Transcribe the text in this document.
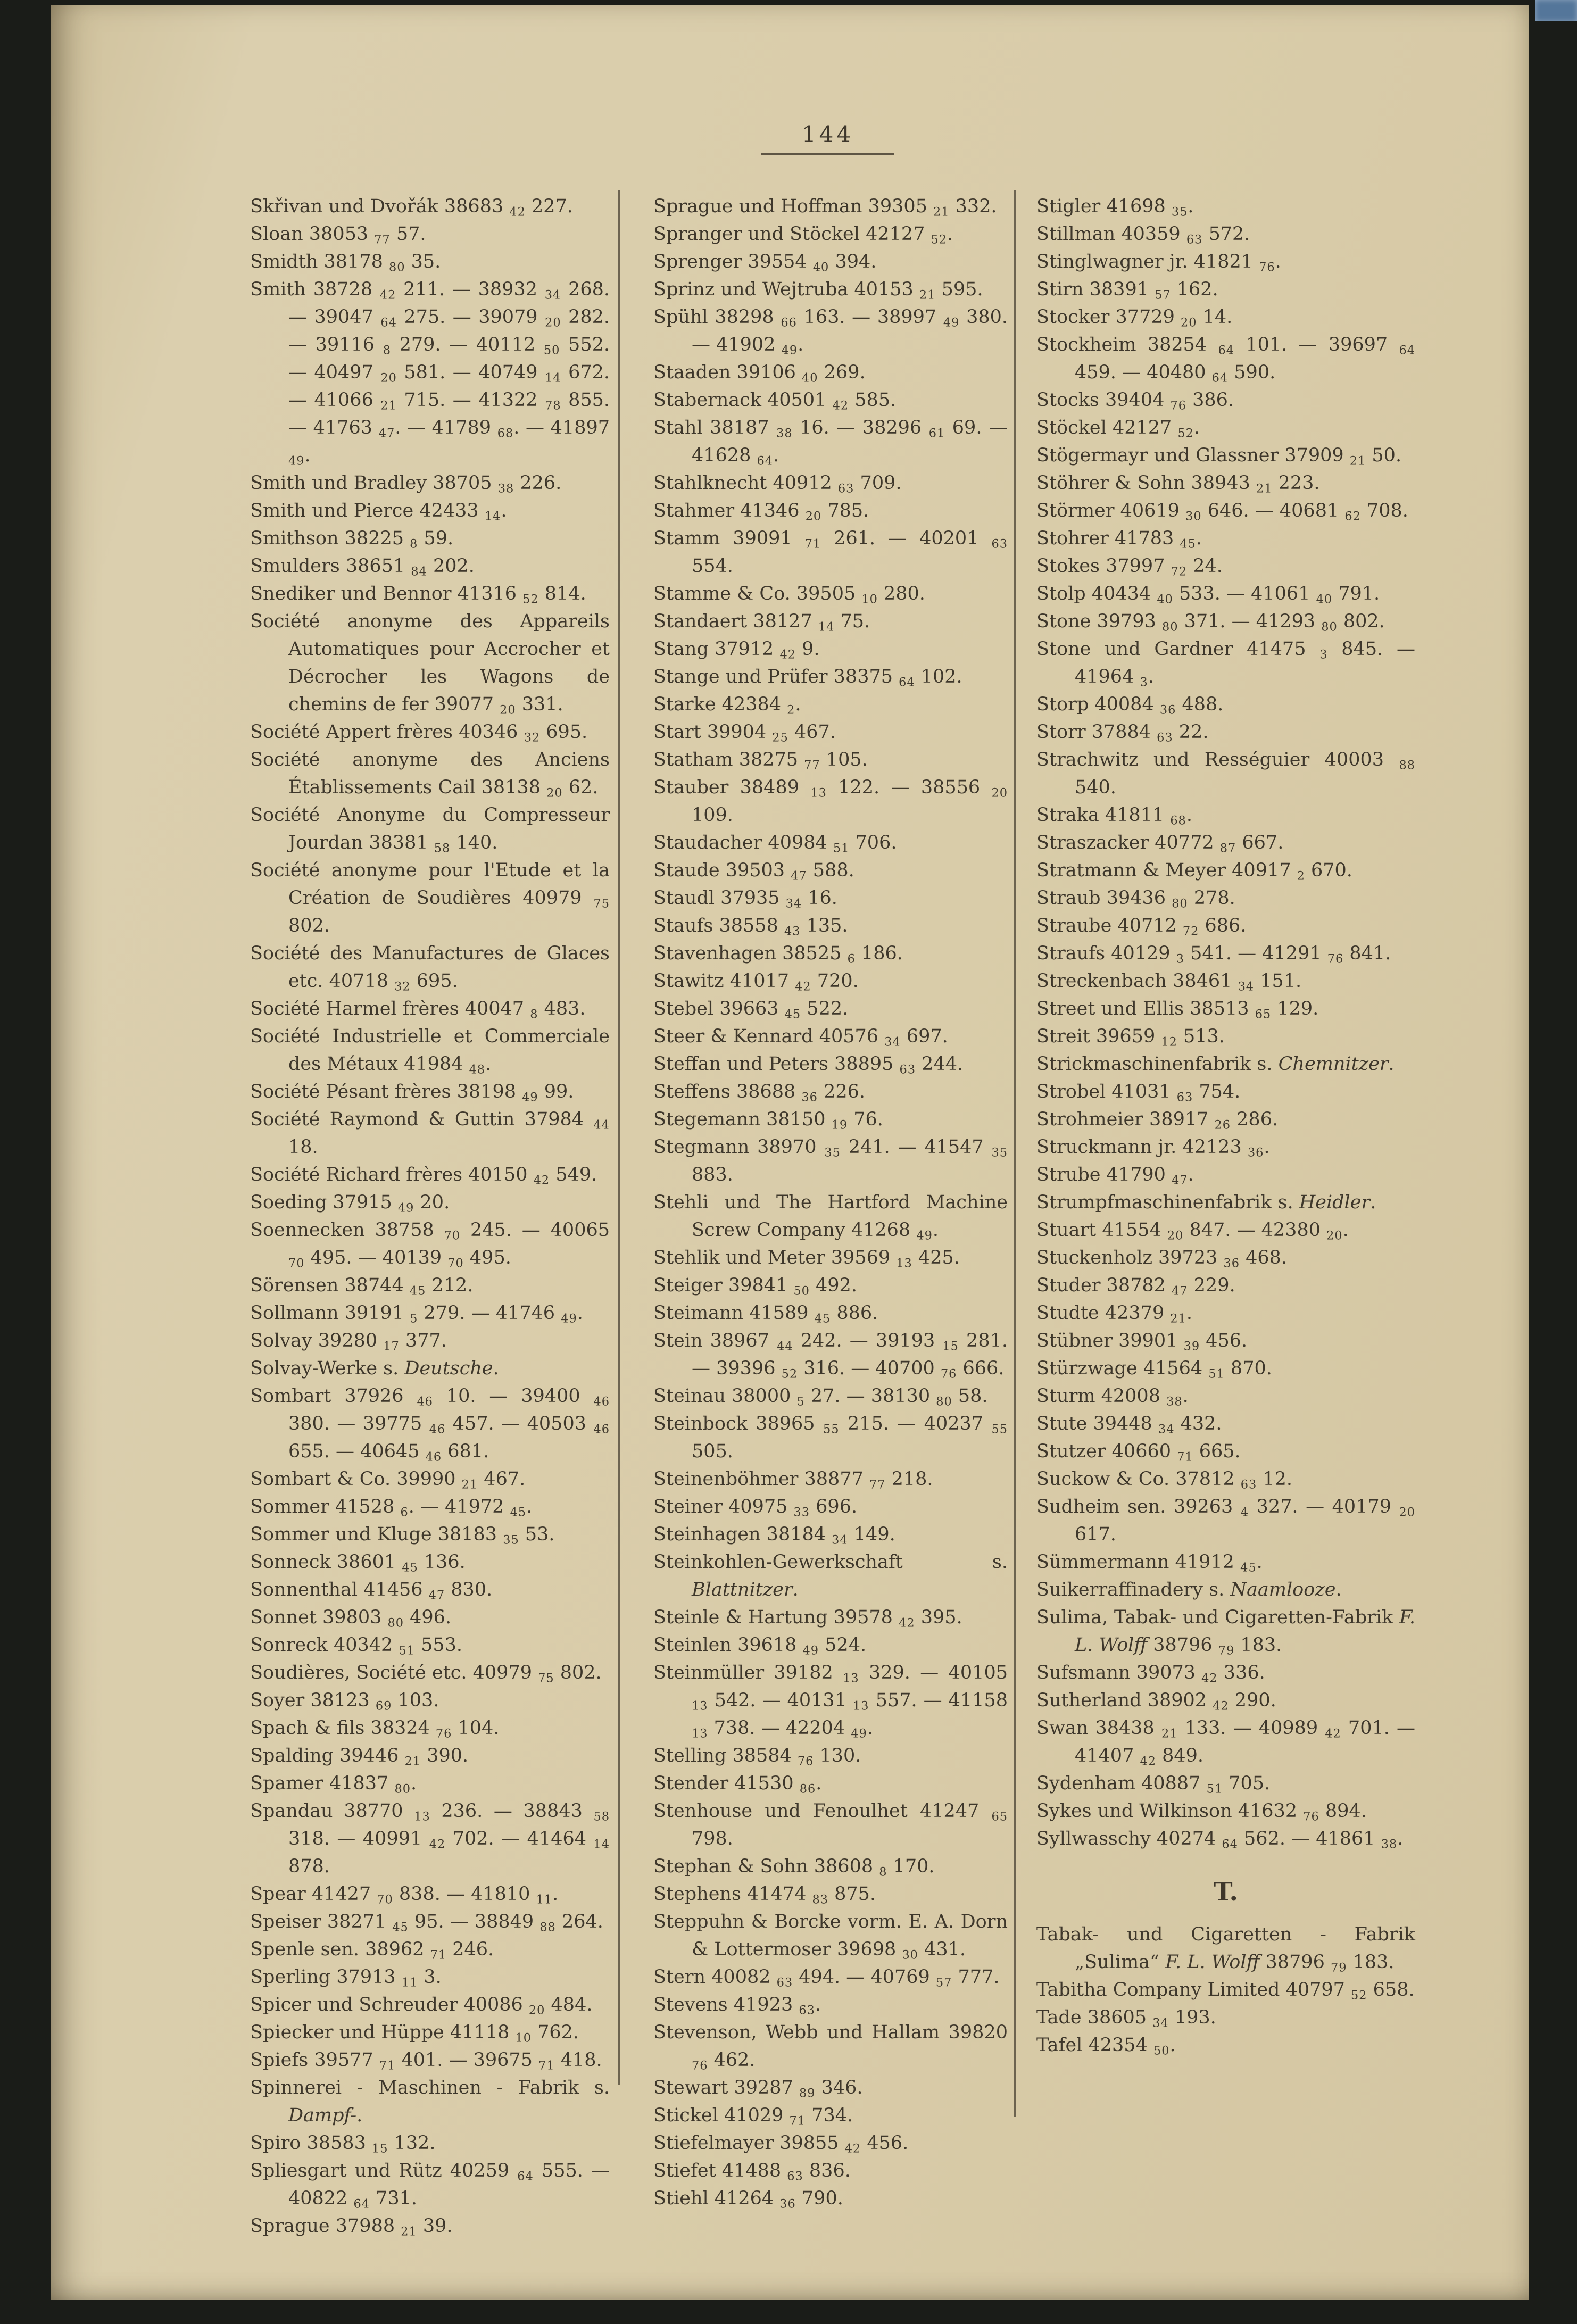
144

Skřivan und Dvořák 38683 $_{42}$ 227.

Sloan 38053 $_{77}$ 57.

Smidth 38178 $_{80}$ 35.

Smith 38728 $_{42}$ 211. — 38932 $_{34}$ 268. — 39047 $_{64}$ 275. — 39079 $_{20}$ 282. — 39116 $_8$ 279. — 40112 $_{50}$ 552. — 40497 $_{20}$ 581. — 40749 $_{14}$ 672. — 41066 $_{21}$ 715. — 41322 $_{78}$ 855. — 41763 $_{47}$. — 41789 $_{68}$. — 41897 $_{49}$.

Smith und Bradley 38705 $_{38}$ 226.

Smith und Pierce 42433 $_{14}$.

Smithson 38225 $_8$ 59.

Smulders 38651 $_{84}$ 202.

Snediker und Bennor 41316 $_{52}$ 814.

Société anonyme des Appareils Automatiques pour Accrocher et Décrocher les Wagons de chemins de fer 39077 $_{20}$ 331.

Société Appert frères 40346 $_{32}$ 695.

Société anonyme des Anciens Établissements Cail 38138 $_{20}$ 62.

Société Anonyme du Compresseur Jourdan 38381 $_{58}$ 140.

Société anonyme pour l'Etude et la Création de Soudières 40979 $_{75}$ 802.

Société des Manufactures de Glaces etc. 40718 $_{32}$ 695.

Société Harmel frères 40047 $_8$ 483.

Société Industrielle et Commerciale des Métaux 41984 $_{48}$.

Société Pésant frères 38198 $_{49}$ 99.

Société Raymond & Guttin 37984 $_{44}$ 18.

Société Richard frères 40150 $_{42}$ 549.

Soeding 37915 $_{49}$ 20.

Soennecken 38758 $_{70}$ 245. — 40065 $_{70}$ 495. — 40139 $_{70}$ 495.

Sörensen 38744 $_{45}$ 212.

Sollmann 39191 $_5$ 279. — 41746 $_{49}$.

Solvay 39280 $_{17}$ 377.

Solvay-Werke s. Deutsche.

Sombart 37926 $_{46}$ 10. — 39400 $_{46}$ 380. — 39775 $_{46}$ 457. — 40503 $_{46}$ 655. — 40645 $_{46}$ 681.

Sombart & Co. 39990 $_{21}$ 467.

Sommer 41528 $_6$. — 41972 $_{45}$.

Sommer und Kluge 38183 $_{35}$ 53.

Sonneck 38601 $_{45}$ 136.

Sonnenthal 41456 $_{47}$ 830.

Sonnet 39803 $_{80}$ 496.

Sonreck 40342 $_{51}$ 553.

Soudières, Société etc. 40979 $_{75}$ 802.

Soyer 38123 $_{69}$ 103.

Spach & fils 38324 $_{76}$ 104.

Spalding 39446 $_{21}$ 390.

Spamer 41837 $_{80}$.

Spandau 38770 $_{13}$ 236. — 38843 $_{58}$ 318. — 40991 $_{42}$ 702. — 41464 $_{14}$ 878.

Spear 41427 $_{70}$ 838. — 41810 $_{11}$.

Speiser 38271 $_{45}$ 95. — 38849 $_{88}$ 264.

Spenle sen. 38962 $_{71}$ 246.

Sperling 37913 $_{11}$ 3.

Spicer und Schreuder 40086 $_{20}$ 484.

Spiecker und Hüppe 41118 $_{10}$ 762.

Spiefs 39577 $_{71}$ 401. — 39675 $_{71}$ 418.

Spinnerei - Maschinen - Fabrik s. Dampf-.

Spiro 38583 $_{15}$ 132.

Spliesgart und Rütz 40259 $_{64}$ 555. — 40822 $_{64}$ 731.

Sprague 37988 $_{21}$ 39.

Sprague und Hoffman 39305 $_{21}$ 332.

Spranger und Stöckel 42127 $_{52}$.

Sprenger 39554 $_{40}$ 394.

Sprinz und Wejtruba 40153 $_{21}$ 595.

Spühl 38298 $_{66}$ 163. — 38997 $_{49}$ 380. — 41902 $_{49}$.

Staaden 39106 $_{40}$ 269.

Stabernack 40501 $_{42}$ 585.

Stahl 38187 $_{38}$ 16. — 38296 $_{61}$ 69. — 41628 $_{64}$.

Stahlknecht 40912 $_{63}$ 709.

Stahmer 41346 $_{20}$ 785.

Stamm 39091 $_{71}$ 261. — 40201 $_{63}$ 554.

Stamme & Co. 39505 $_{10}$ 280.

Standaert 38127 $_{14}$ 75.

Stang 37912 $_{42}$ 9.

Stange und Prüfer 38375 $_{64}$ 102.

Starke 42384 $_2$.

Start 39904 $_{25}$ 467.

Statham 38275 $_{77}$ 105.

Stauber 38489 $_{13}$ 122. — 38556 $_{20}$ 109.

Staudacher 40984 $_{51}$ 706.

Staude 39503 $_{47}$ 588.

Staudl 37935 $_{34}$ 16.

Staufs 38558 $_{43}$ 135.

Stavenhagen 38525 $_6$ 186.

Stawitz 41017 $_{42}$ 720.

Stebel 39663 $_{45}$ 522.

Steer & Kennard 40576 $_{34}$ 697.

Steffan und Peters 38895 $_{63}$ 244.

Steffens 38688 $_{36}$ 226.

Stegemann 38150 $_{19}$ 76.

Stegmann 38970 $_{35}$ 241. — 41547 $_{35}$ 883.

Stehli und The Hartford Machine Screw Company 41268 $_{49}$.

Stehlik und Meter 39569 $_{13}$ 425.

Steiger 39841 $_{50}$ 492.

Steimann 41589 $_{45}$ 886.

Stein 38967 $_{44}$ 242. — 39193 $_{15}$ 281. — 39396 $_{52}$ 316. — 40700 $_{76}$ 666.

Steinau 38000 $_5$ 27. — 38130 $_{80}$ 58.

Steinbock 38965 $_{55}$ 215. — 40237 $_{55}$ 505.

Steinenböhmer 38877 $_{77}$ 218.

Steiner 40975 $_{33}$ 696.

Steinhagen 38184 $_{34}$ 149.

Steinkohlen-Gewerkschaft s. Blattnitzer.

Steinle & Hartung 39578 $_{42}$ 395.

Steinlen 39618 $_{49}$ 524.

Steinmüller 39182 $_{13}$ 329. — 40105 $_{13}$ 542. — 40131 $_{13}$ 557. — 41158 $_{13}$ 738. — 42204 $_{49}$.

Stelling 38584 $_{76}$ 130.

Stender 41530 $_{86}$.

Stenhouse und Fenoulhet 41247 $_{65}$ 798.

Stephan & Sohn 38608 $_8$ 170.

Stephens 41474 $_{83}$ 875.

Steppuhn & Borcke vorm. E. A. Dorn & Lottermoser 39698 $_{30}$ 431.

Stern 40082 $_{63}$ 494. — 40769 $_{57}$ 777.

Stevens 41923 $_{63}$.

Stevenson, Webb und Hallam 39820 $_{76}$ 462.

Stewart 39287 $_{89}$ 346.

Stickel 41029 $_{71}$ 734.

Stiefelmayer 39855 $_{42}$ 456.

Stiefet 41488 $_{63}$ 836.

Stiehl 41264 $_{36}$ 790.

Stigler 41698 $_{35}$.

Stillman 40359 $_{63}$ 572.

Stinglwagner jr. 41821 $_{76}$.

Stirn 38391 $_{57}$ 162.

Stocker 37729 $_{20}$ 14.

Stockheim 38254 $_{64}$ 101. — 39697 $_{64}$ 459. — 40480 $_{64}$ 590.

Stocks 39404 $_{76}$ 386.

Stöckel 42127 $_{52}$.

Stögermayr und Glassner 37909 $_{21}$ 50.

Stöhrer & Sohn 38943 $_{21}$ 223.

Störmer 40619 $_{30}$ 646. — 40681 $_{62}$ 708.

Stohrer 41783 $_{45}$.

Stokes 37997 $_{72}$ 24.

Stolp 40434 $_{40}$ 533. — 41061 $_{40}$ 791.

Stone 39793 $_{80}$ 371. — 41293 $_{80}$ 802.

Stone und Gardner 41475 $_3$ 845. — 41964 $_3$.

Storp 40084 $_{36}$ 488.

Storr 37884 $_{63}$ 22.

Strachwitz und Rességuier 40003 $_{88}$ 540.

Straka 41811 $_{68}$.

Straszacker 40772 $_{87}$ 667.

Stratmann & Meyer 40917 $_2$ 670.

Straub 39436 $_{80}$ 278.

Straube 40712 $_{72}$ 686.

Straufs 40129 $_3$ 541. — 41291 $_{76}$ 841.

Streckenbach 38461 $_{34}$ 151.

Street und Ellis 38513 $_{65}$ 129.

Streit 39659 $_{12}$ 513.

Strickmaschinenfabrik s. Chemnitzer.

Strobel 41031 $_{63}$ 754.

Strohmeier 38917 $_{26}$ 286.

Struckmann jr. 42123 $_{36}$.

Strube 41790 $_{47}$.

Strumpfmaschinenfabrik s. Heidler.

Stuart 41554 $_{20}$ 847. — 42380 $_{20}$.

Stuckenholz 39723 $_{36}$ 468.

Studer 38782 $_{47}$ 229.

Studte 42379 $_{21}$.

Stübner 39901 $_{39}$ 456.

Stürzwage 41564 $_{51}$ 870.

Sturm 42008 $_{38}$.

Stute 39448 $_{34}$ 432.

Stutzer 40660 $_{71}$ 665.

Suckow & Co. 37812 $_{63}$ 12.

Sudheim sen. 39263 $_4$ 327. — 40179 $_{20}$ 617.

Sümmermann 41912 $_{45}$.

Suikerraffinadery s. Naamlooze.

Sulima, Tabak- und Cigaretten-Fabrik F. L. Wolff 38796 $_{79}$ 183.

Sufsmann 39073 $_{42}$ 336.

Sutherland 38902 $_{42}$ 290.

Swan 38438 $_{21}$ 133. — 40989 $_{42}$ 701. — 41407 $_{42}$ 849.

Sydenham 40887 $_{51}$ 705.

Sykes und Wilkinson 41632 $_{76}$ 894.

Syllwasschy 40274 $_{64}$ 562. — 41861 $_{38}$.

T.

Tabak- und Cigaretten - Fabrik „Sulima“ F. L. Wolff 38796 $_{79}$ 183.

Tabitha Company Limited 40797 $_{52}$ 658.

Tade 38605 $_{34}$ 193.

Tafel 42354 $_{50}$.
